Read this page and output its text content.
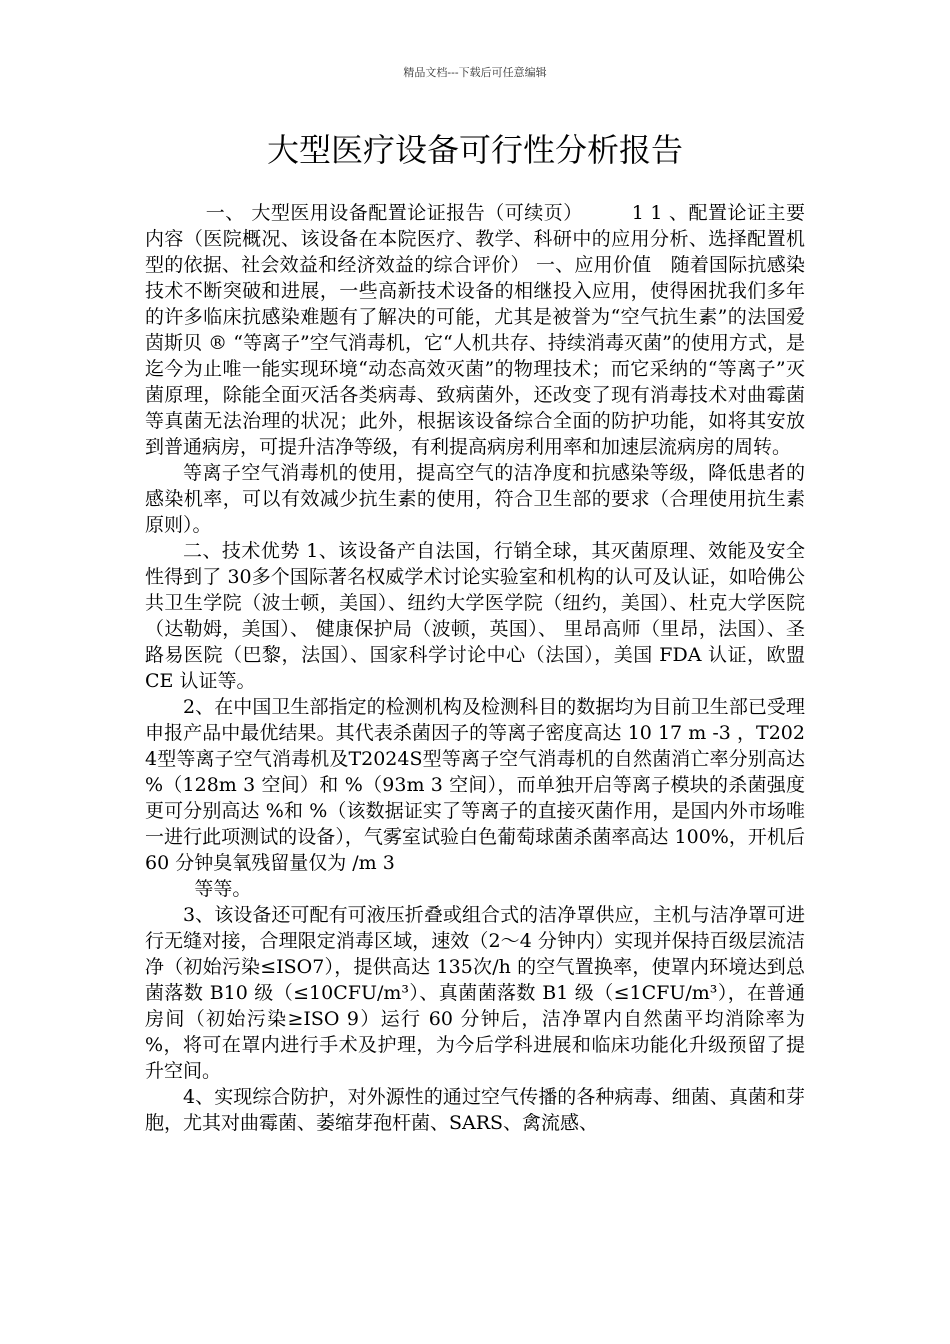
精品文档---下载后可任意编辑
大型医疗设备可行性分析报告

一、 大型医用设备配置论证报告（可续页）　　　1 1 、配置论证主要内容（医院概况、该设备在本院医疗、教学、科研中的应用分析、选择配置机型的依据、社会效益和经济效益的综合评价） 一、应用价值　随着国际抗感染技术不断突破和进展，一些高新技术设备的相继投入应用，使得困扰我们多年的许多临床抗感染难题有了解决的可能，尤其是被誉为“空气抗生素”的法国爱茵斯贝 ® “等离子”空气消毒机，它“人机共存、持续消毒灭菌”的使用方式，是迄今为止唯一能实现环境“动态高效灭菌”的物理技术；而它采纳的“等离子”灭菌原理，除能全面灭活各类病毒、致病菌外，还改变了现有消毒技术对曲霉菌等真菌无法治理的状况；此外，根据该设备综合全面的防护功能，如将其安放到普通病房，可提升洁净等级，有利提高病房利用率和加速层流病房的周转。

等离子空气消毒机的使用，提高空气的洁净度和抗感染等级，降低患者的感染机率，可以有效减少抗生素的使用，符合卫生部的要求（合理使用抗生素原则）。

二、技术优势 1、该设备产自法国，行销全球，其灭菌原理、效能及安全性得到了 30多个国际著名权威学术讨论实验室和机构的认可及认证，如哈佛公共卫生学院（波士顿，美国）、纽约大学医学院（纽约，美国）、杜克大学医院（达勒姆，美国）、 健康保护局（波顿，英国）、 里昂高师（里昂，法国）、圣路易医院（巴黎，法国）、国家科学讨论中心（法国），美国 FDA 认证，欧盟 CE 认证等。

2、在中国卫生部指定的检测机构及检测科目的数据均为目前卫生部已受理申报产品中最优结果。其代表杀菌因子的等离子密度高达 10 17 m -3 ，T2024型等离子空气消毒机及T2024S型等离子空气消毒机的自然菌消亡率分别高达 %（128m 3 空间）和 %（93m 3 空间），而单独开启等离子模块的杀菌强度更可分别高达 %和 %（该数据证实了等离子的直接灭菌作用，是国内外市场唯一进行此项测试的设备），气雾室试验白色葡萄球菌杀菌率高达 100%，开机后 60 分钟臭氧残留量仅为 /m 3

等等。

3、该设备还可配有可液压折叠或组合式的洁净罩供应，主机与洁净罩可进行无缝对接，合理限定消毒区域，速效（2～4 分钟内）实现并保持百级层流洁净（初始污染≤ISO7），提供高达 135次/h 的空气置换率，使罩内环境达到总菌落数 B10 级（≤10CFU/m³）、真菌菌落数 B1 级（≤1CFU/m³），在普通房间（初始污染≥ISO 9）运行 60 分钟后，洁净罩内自然菌平均消除率为 %，将可在罩内进行手术及护理，为今后学科进展和临床功能化升级预留了提升空间。

4、实现综合防护，对外源性的通过空气传播的各种病毒、细菌、真菌和芽胞，尤其对曲霉菌、萎缩芽孢杆菌、SARS、禽流感、
